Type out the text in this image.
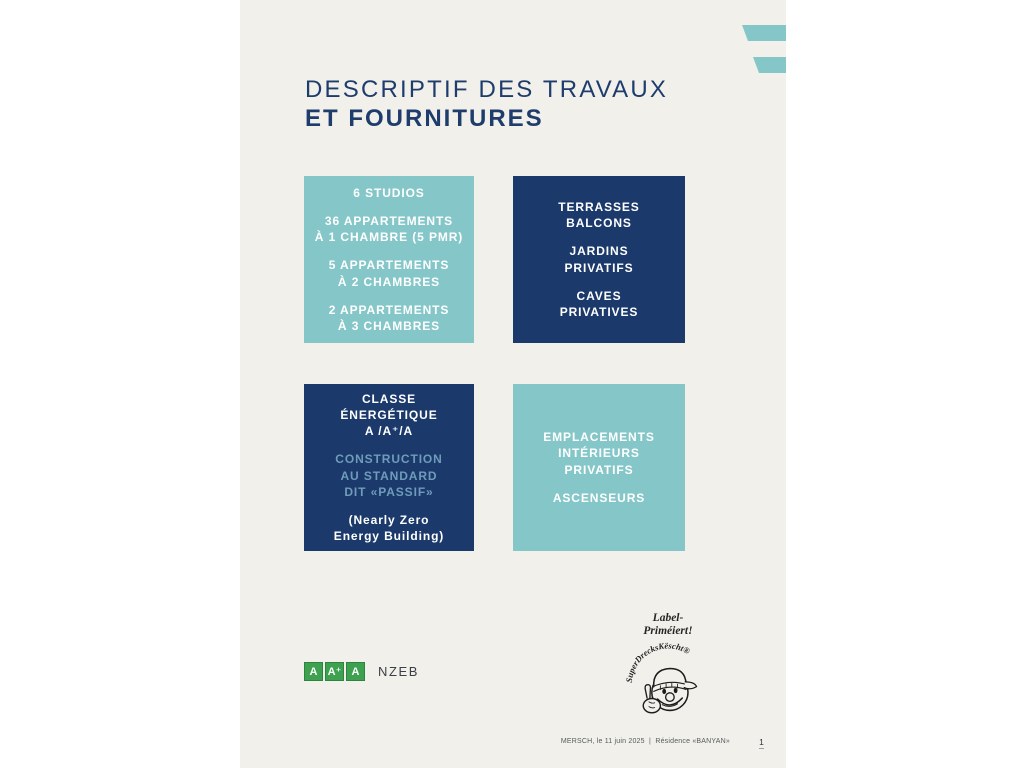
DESCRIPTIF DES TRAVAUX
ET FOURNITURES

6 STUDIOS

36 APPARTEMENTS
À 1 CHAMBRE (5 PMR)

5 APPARTEMENTS
À 2 CHAMBRES

2 APPARTEMENTS
À 3 CHAMBRES

TERRASSES
BALCONS

JARDINS
PRIVATIFS

CAVES
PRIVATIVES

CLASSE
ÉNERGÉTIQUE
A /A⁺/A

CONSTRUCTION
AU STANDARD
DIT «PASSIF»

(Nearly Zero
Energy Building)

EMPLACEMENTS
INTÉRIEURS
PRIVATIFS

ASCENSEURS

A A⁺ A	NZEB
Label-
Priméiert!
SuperDrecksKëscht®
MERSCH, le 11 juin 2025  |  Résidence «BANYAN»	1
